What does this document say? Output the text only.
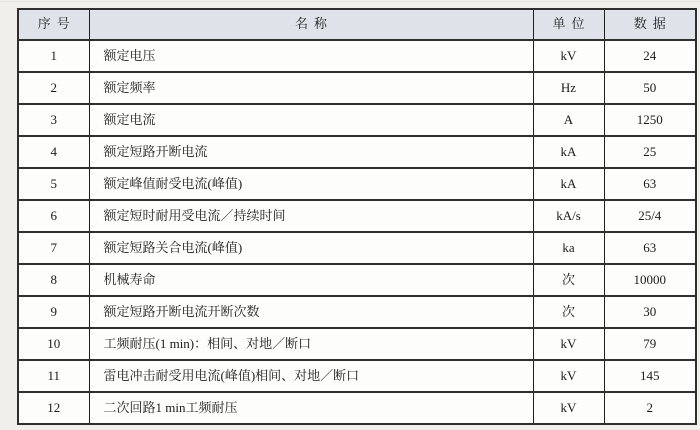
序号	名称	单位	数据
1	额定电压	kV	24
2	额定频率	Hz	50
3	额定电流	A	1250
4	额定短路开断电流	kA	25
5	额定峰值耐受电流(峰值)	kA	63
6	额定短时耐用受电流／持续时间	kA/s	25/4
7	额定短路关合电流(峰值)	ka	63
8	机械寿命	次	10000
9	额定短路开断电流开断次数	次	30
10	工频耐压(1 min)：相间、对地／断口	kV	79
11	雷电冲击耐受用电流(峰值)相间、对地／断口	kV	145
12	二次回路1 min工频耐压	kV	2
